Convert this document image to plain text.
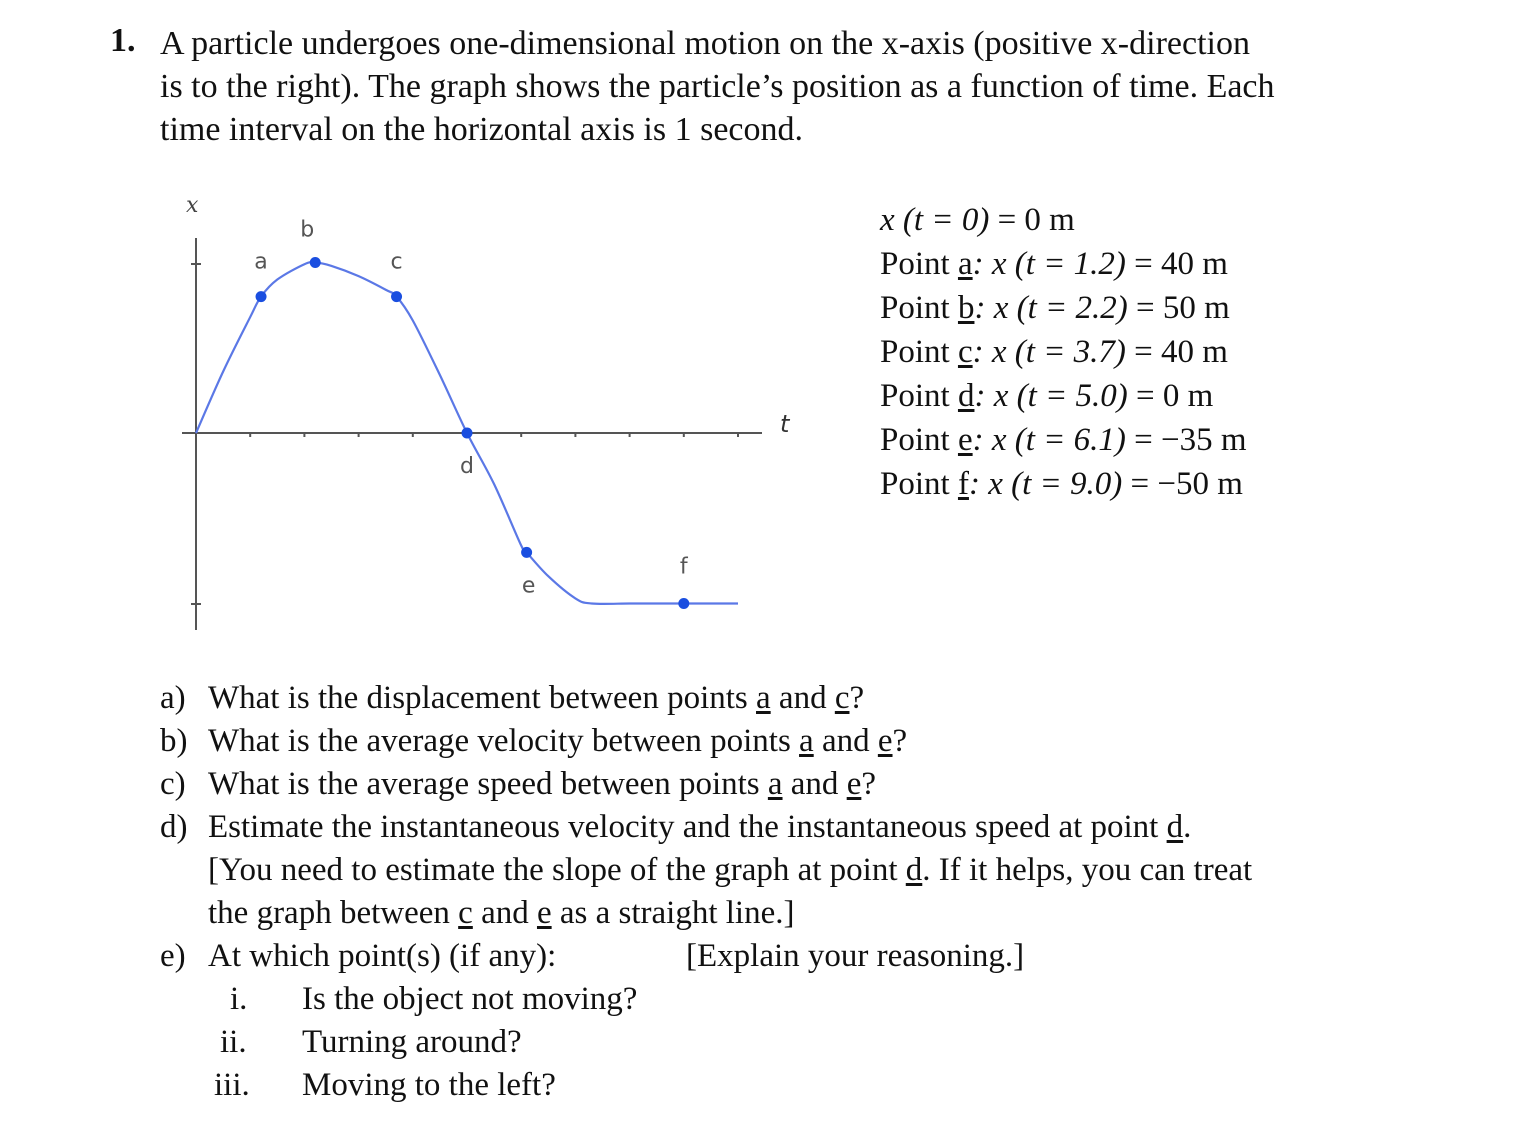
1. A particle undergoes one-dimensional motion on the x-axis (positive x-direction
is to the right). The graph shows the particle’s position as a function of time. Each
time interval on the horizontal axis is 1 second.
x
t
a
b
c
d
e
f
x (t = 0) = 0 m
Point a: x (t = 1.2) = 40 m
Point b: x (t = 2.2) = 50 m
Point c: x (t = 3.7) = 40 m
Point d: x (t = 5.0) = 0 m
Point e: x (t = 6.1) = −35 m
Point f: x (t = 9.0) = −50 m
a) What is the displacement between points a and c?
b) What is the average velocity between points a and e?
c) What is the average speed between points a and e?
d) Estimate the instantaneous velocity and the instantaneous speed at point d.
[You need to estimate the slope of the graph at point d. If it helps, you can treat
the graph between c and e as a straight line.]
e) At which point(s) (if any):	[Explain your reasoning.]
i. Is the object not moving?
ii. Turning around?
iii. Moving to the left?
